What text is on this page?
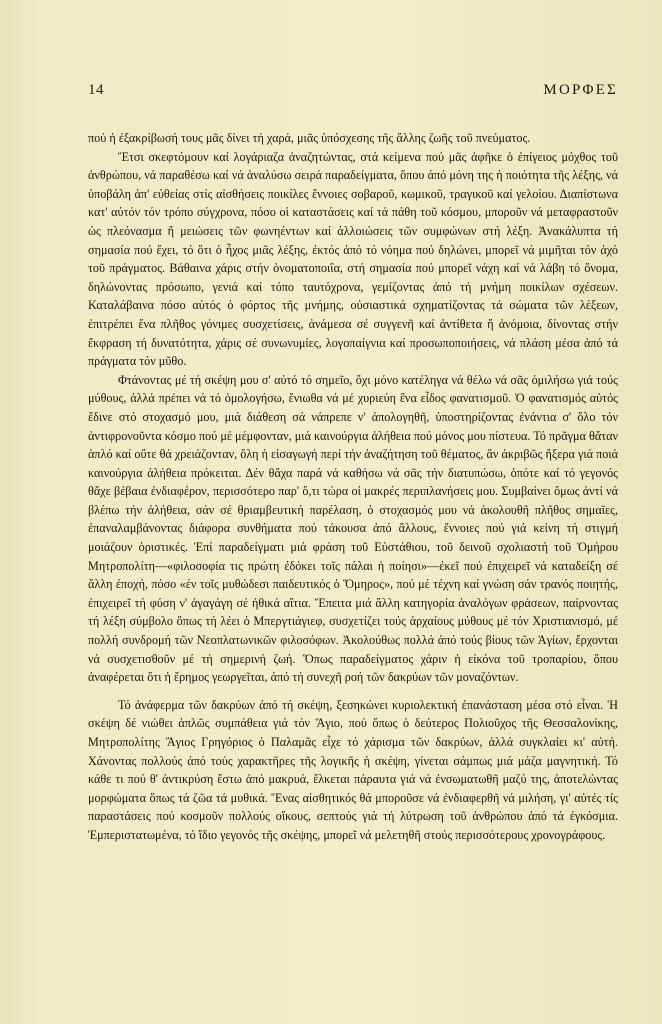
14	ΜΟΡΦΕΣ

πού ἡ ἐξακρίβωσή τους μᾶς δίνει τή χαρά, μιᾶς ὑπόσχεσης τῆς ἄλλης ζωῆς τοῦ πνεύματος.

Ἔτσι σκεφτόμουν καί λογάριαζα ἀναζητώντας, στά κείμενα πού μᾶς ἀφῆκε ὁ ἐπίγειος μόχθος τοῦ ἀνθρώπου, νά παραθέσω καί νά ἀναλύσω σειρά παραδείγματα, ὅπου ἀπό μόνη της ἡ ποιότητα τῆς λέξης, νά ὑποβάλη ἀπ' εὐθείας στίς αἰσθήσεις ποικίλες ἔννοιες σοβαροῦ, κωμικοῦ, τραγικοῦ καί γελοίου. Διαπίστωνα κατ' αὐτόν τόν τρόπο σύγχρονα, πόσο οἱ καταστάσεις καί τά πάθη τοῦ κόσμου, μποροῦν νά μεταφραστοῦν ὡς πλεόνασμα ἤ μειώσεις τῶν φωνηέντων καί ἀλλοιώσεις τῶν συμφώνων στή λέξη. Ἀνακάλυπτα τή σημασία πού ἔχει, τό ὅτι ὁ ἦχος μιᾶς λέξης, ἐκτός ἀπό τό νόημα πού δηλώνει, μπορεῖ νά μιμῆται τόν ἀχό τοῦ πράγματος. Βάθαινα χάρις στήν ὀνοματοποιΐα, στή σημασία πού μπορεῖ νάχη καί νά λάβη τό ὄνομα, δηλώνοντας πρόσωπο, γενιά καί τόπο ταυτόχρονα, γεμίζοντας ἀπό τή μνήμη ποικίλων σχέσεων. Καταλάβαινα πόσο αὐτός ὁ φόρτος τῆς μνήμης, οὐσιαστικά σχηματίζοντας τά σώματα τῶν λέξεων, ἐπιτρέπει ἕνα πλῆθος γόνιμες συσχετίσεις, ἀνάμεσα σέ συγγενῆ καί ἀντίθετα ἤ ἀνόμοια, δίνοντας στήν ἔκφραση τή δυνατότητα, χάρις σέ συνωνυμίες, λογοπαίγνια καί προσωποποιήσεις, νά πλάση μέσα ἀπό τά πράγματα τόν μῦθο.

Φτάνοντας μέ τή σκέψη μου σ' αὐτό τό σημεῖο, ὄχι μόνο κατέληγα νά θέλω νά σᾶς ὁμιλήσω γιά τούς μύθους, ἀλλά πρέπει νά τό ὁμολογήσω, ἔνιωθα νά μέ χυριεύη ἕνα εἶδος φανατισμοῦ. Ὁ φανατισμός αὐτός ἔδινε στό στοχασμό μου, μιά διάθεση σά νάπρεπε ν' ἀπολογηθῆ, ὑποστηρίζοντας ἐνάντια σ' ὅλο τόν ἀντιφρονοῦντα κόσμο πού μέ μέμφονταν, μιά καινούργια ἀλήθεια πού μόνος μου πίστευα. Τό πρᾶγμα θἄταν ἁπλό καί οὔτε θά χρειάζονταν, ὅλη ἡ εἰσαγωγή περί τήν ἀναζήτηση τοῦ θέματος, ἄν ἀκριβῶς ἤξερα γιά ποιά καινούργια ἀλήθεια πρόκειται. Δέν θἄχα παρά νά καθήσω νά σᾶς τήν διατυπώσω, ὁπότε καί τό γεγονός θἄχε βέβαια ἐνδιαφέρον, περισσότερο παρ' ὅ,τι τώρα οἱ μακρές περιπλανήσεις μου. Συμβαίνει ὅμως ἀντί νά βλέπω τήν ἀλήθεια, σάν σέ θριαμβευτική παρέλαση, ὁ στοχασμός μου νά ἀκολουθῆ πλῆθος σημαῖες, ἐπαναλαμβάνοντας διάφορα συνθήματα πού τάκουσα ἀπό ἄλλους, ἔννοιες πού γιά κείνη τή στιγμή μοιάζουν ὁριστικές. Ἐπί παραδείγματι μιά φράση τοῦ Εὐστάθιου, τοῦ δεινοῦ σχολιαστή τοῦ Ὁμήρου Μητροπολίτη—«φιλοσοφία τις πρώτη ἐδόκει τοῖς πάλαι ἡ ποίησι»—ἐκεῖ πού ἐπιχειρεῖ νά καταδείξη σέ ἄλλη ἐποχή, πόσο «ἐν τοῖς μυθώδεσι παιδευτικός ὁ Ὅμηρος», πού μέ τέχνη καί γνώση σάν τρανός ποιητής, ἐπιχειρεῖ τή φύση ν' ἀγαγάγη σέ ἠθικά αἴτια. Ἔπειτα μιά ἄλλη κατηγορία ἀναλόγων φράσεων, παίρνοντας τή λέξη σύμβολο ὅπως τή λέει ὁ Μπεργτιάγιεφ, συσχετίζει τούς ἀρχαίους μύθους μέ τόν Χριστιανισμό, μέ πολλή συνδρομή τῶν Νεοπλατωνικῶν φιλοσόφων. Ἀκολούθως πολλά ἀπό τούς βίους τῶν Ἁγίων, ἔρχονται νά συσχετισθοῦν μέ τή σημερινή ζωή. Ὅπως παραδείγματος χάριν ἡ εἰκόνα τοῦ τροπαρίου, ὅπου ἀναφέρεται ὅτι ἡ ἔρημος γεωργεῖται, ἀπό τή συνεχῆ ροή τῶν δακρύων τῶν μοναζόντων.

Τό ἀνάφερμα τῶν δακρύων ἀπό τή σκέψη, ξεσηκώνει κυριολεκτική ἐπανάσταση μέσα στό εἶναι. Ἡ σκέψη δέ νιώθει ἁπλῶς συμπάθεια γιά τόν Ἅγιο, πού ὅπως ὁ δεύτερος Πολιοῦχος τῆς Θεσσαλονίκης, Μητροπολίτης Ἅγιος Γρηγόριος ὁ Παλαμᾶς εἶχε τό χάρισμα τῶν δακρύων, ἀλλά συγκλαίει κι' αὐτή. Χάνοντας πολλούς ἀπό τούς χαρακτῆρες τῆς λογικῆς ἡ σκέψη, γίνεται σάμπως μιά μάζα μαγνητική. Τό κάθε τι πού θ' ἀντικρύση ἔστω ἀπό μακρυά, ἕλκεται πάραυτα γιά νά ἐνσωματωθῆ μαζύ της, ἀποτελώντας μορφώματα ὅπως τά ζῶα τά μυθικά. Ἕνας αἰσθητικός θά μποροῦσε νά ἐνδιαφερθῆ νά μιλήση, γι' αὐτές τίς παραστάσεις πού κοσμοῦν πολλούς οἴκους, σεπτούς γιά τή λύτρωση τοῦ ἀνθρώπου ἀπό τά ἐγκόσμια. Ἐμπεριστατωμένα, τό ἴδιο γεγονός τῆς σκέψης, μπορεῖ νά μελετηθῆ στούς περισσότερους χρονογράφους.
